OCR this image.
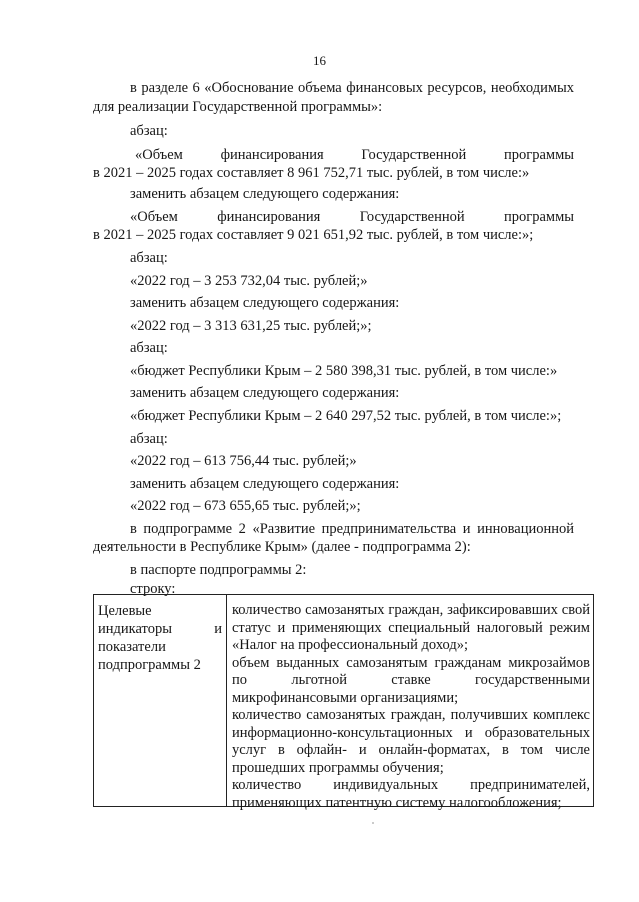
16
в разделе 6 «Обоснование объема финансовых ресурсов, необходимых
для реализации Государственной программы»:
абзац:
«Объем финансирования Государственной программы
в 2021 – 2025 годах составляет 8 961 752,71 тыс. рублей, в том числе:»
заменить абзацем следующего содержания:
«Объем финансирования Государственной программы
в 2021 – 2025 годах составляет 9 021 651,92 тыс. рублей, в том числе:»;
абзац:
«2022 год – 3 253 732,04 тыс. рублей;»
заменить абзацем следующего содержания:
«2022 год – 3 313 631,25 тыс. рублей;»;
абзац:
«бюджет Республики Крым – 2 580 398,31 тыс. рублей, в том числе:»
заменить абзацем следующего содержания:
«бюджет Республики Крым – 2 640 297,52 тыс. рублей, в том числе:»;
абзац:
«2022 год – 613 756,44 тыс. рублей;»
заменить абзацем следующего содержания:
«2022 год – 673 655,65 тыс. рублей;»;
в подпрограмме 2 «Развитие предпринимательства и инновационной
деятельности в Республике Крым» (далее - подпрограмма 2):
в паспорте подпрограммы 2:
строку:
Целевые
индикаторы и
показатели
подпрограммы 2
количество самозанятых граждан, зафиксировавших свой
статус и применяющих специальный налоговый режим
«Налог на профессиональный доход»;
объем выданных самозанятым гражданам микрозаймов
по льготной ставке государственными
микрофинансовыми организациями;
количество самозанятых граждан, получивших комплекс
информационно-консультационных и образовательных
услуг в офлайн- и онлайн-форматах, в том числе
прошедших программы обучения;
количество индивидуальных предпринимателей,
применяющих патентную систему налогообложения;
